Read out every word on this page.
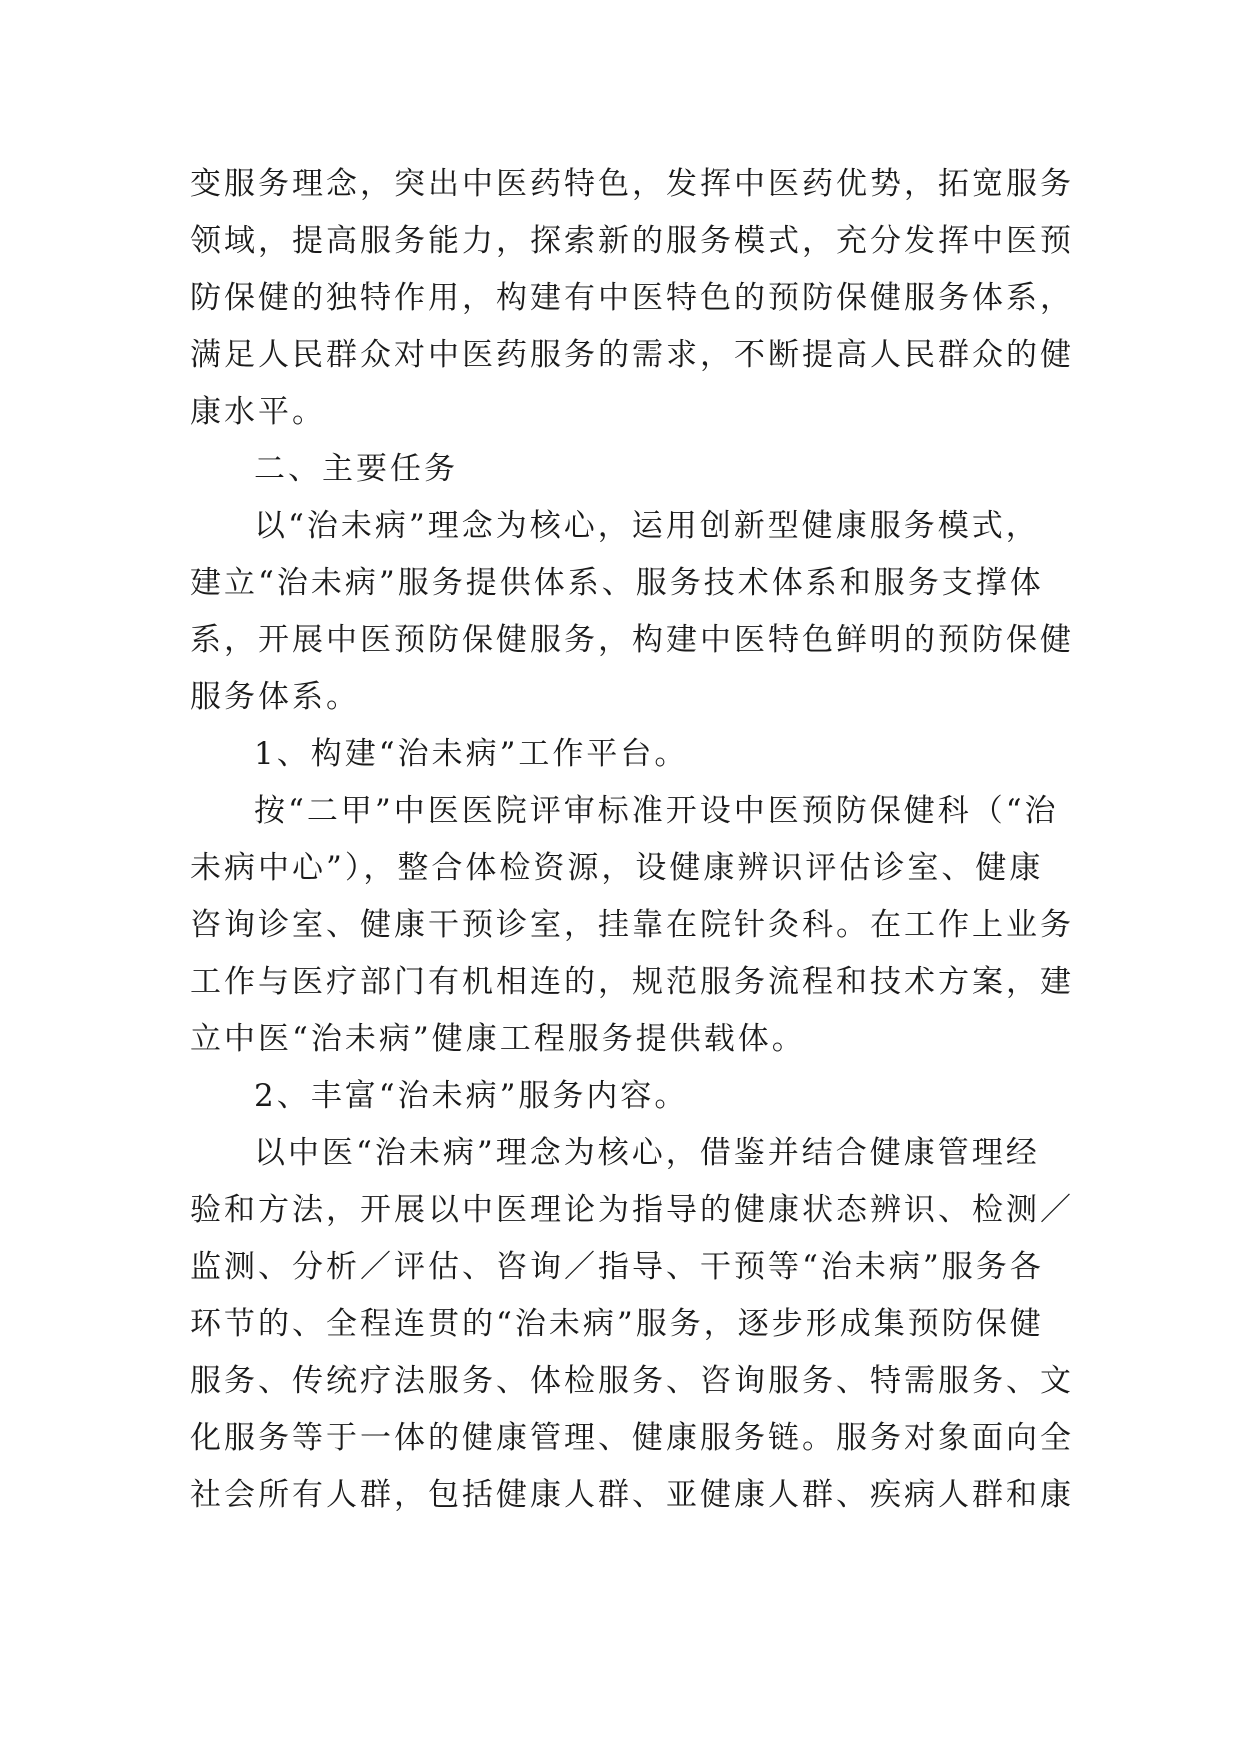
变服务理念，突出中医药特色，发挥中医药优势，拓宽服务
领域，提高服务能力，探索新的服务模式，充分发挥中医预
防保健的独特作用，构建有中医特色的预防保健服务体系，
满足人民群众对中医药服务的需求，不断提高人民群众的健
康水平。
二、主要任务
以“治未病”理念为核心，运用创新型健康服务模式，
建立“治未病”服务提供体系、服务技术体系和服务支撑体
系，开展中医预防保健服务，构建中医特色鲜明的预防保健
服务体系。
1、构建“治未病”工作平台。
按“二甲”中医医院评审标准开设中医预防保健科（“治
未病中心”），整合体检资源，设健康辨识评估诊室、健康
咨询诊室、健康干预诊室，挂靠在院针灸科。在工作上业务
工作与医疗部门有机相连的，规范服务流程和技术方案，建
立中医“治未病”健康工程服务提供载体。
2、丰富“治未病”服务内容。
以中医“治未病”理念为核心，借鉴并结合健康管理经
验和方法，开展以中医理论为指导的健康状态辨识、检测／
监测、分析／评估、咨询／指导、干预等“治未病”服务各
环节的、全程连贯的“治未病”服务，逐步形成集预防保健
服务、传统疗法服务、体检服务、咨询服务、特需服务、文
化服务等于一体的健康管理、健康服务链。服务对象面向全
社会所有人群，包括健康人群、亚健康人群、疾病人群和康
